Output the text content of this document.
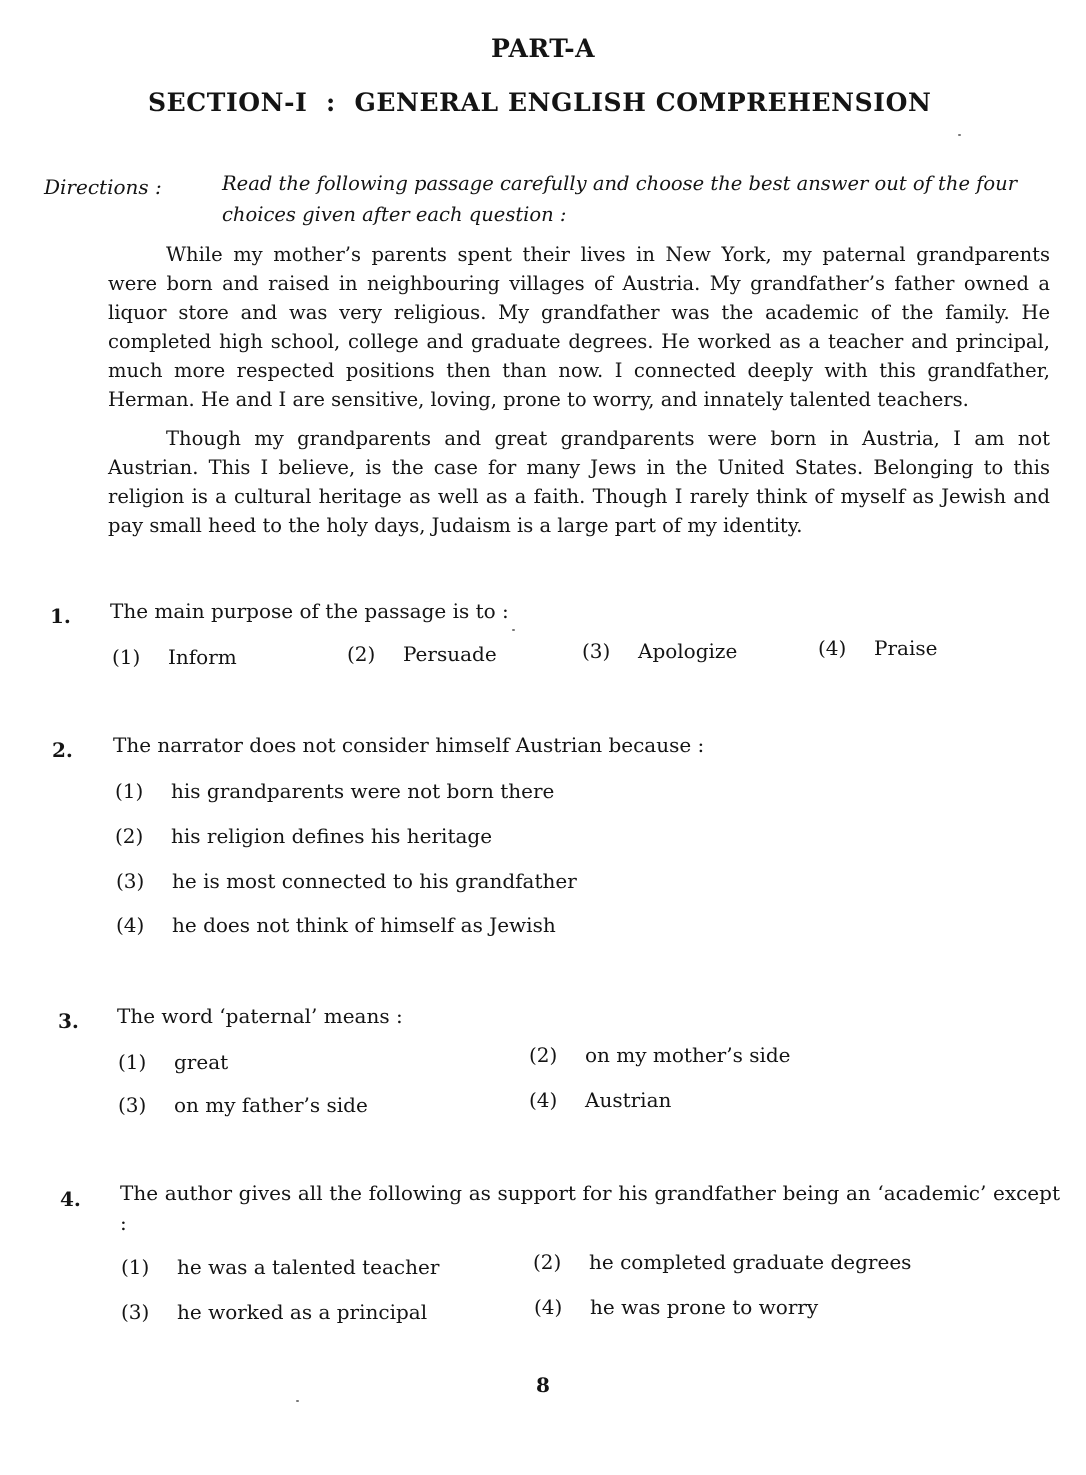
PART-A
SECTION-I  :  GENERAL ENGLISH COMPREHENSION
Directions :	Read the following passage carefully and choose the best answer out of the four choices given after each question :
While my mother’s parents spent their lives in New York, my paternal grandparents were born and raised in neighbouring villages of Austria. My grandfather’s father owned a liquor store and was very religious. My grandfather was the academic of the family. He completed high school, college and graduate degrees. He worked as a teacher and principal, much more respected positions then than now. I connected deeply with this grandfather, Herman. He and I are sensitive, loving, prone to worry, and innately talented teachers.
Though my grandparents and great grandparents were born in Austria, I am not Austrian. This I believe, is the case for many Jews in the United States. Belonging to this religion is a cultural heritage as well as a faith. Though I rarely think of myself as Jewish and pay small heed to the holy days, Judaism is a large part of my identity.
1. The main purpose of the passage is to :
(1) Inform	(2) Persuade	(3) Apologize	(4) Praise
2. The narrator does not consider himself Austrian because :
(1) his grandparents were not born there
(2) his religion defines his heritage
(3) he is most connected to his grandfather
(4) he does not think of himself as Jewish
3. The word ‘paternal’ means :
(1) great	(2) on my mother’s side
(3) on my father’s side	(4) Austrian
4. The author gives all the following as support for his grandfather being an ‘academic’ except :
(1) he was a talented teacher	(2) he completed graduate degrees
(3) he worked as a principal	(4) he was prone to worry
8
